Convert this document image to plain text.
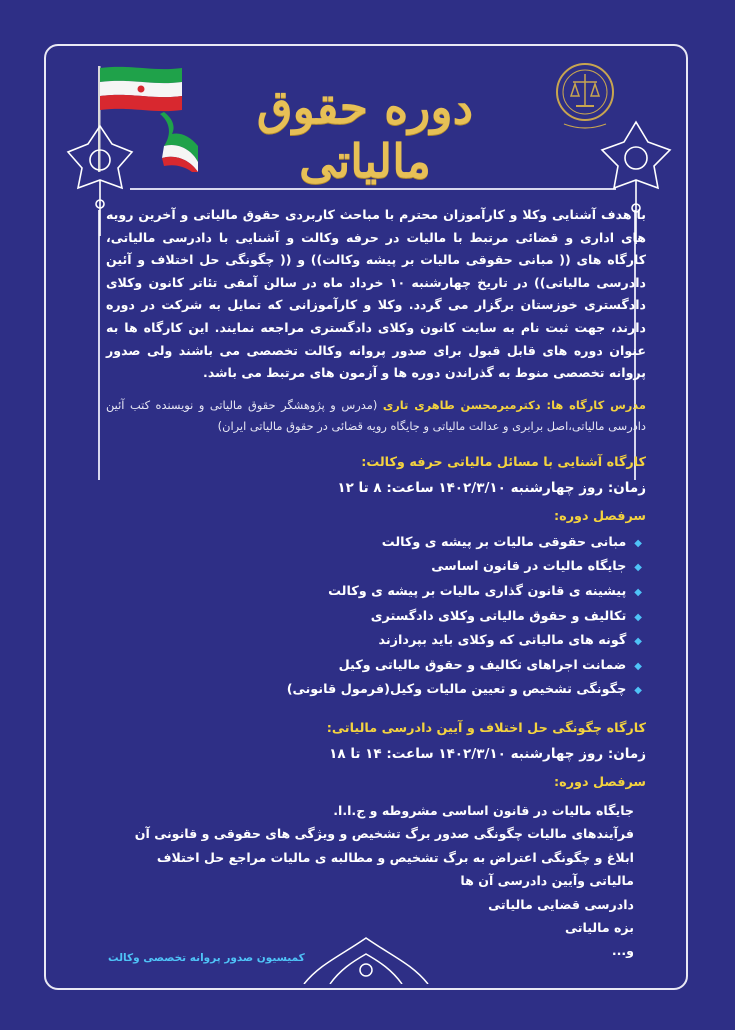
دوره حقوق مالیاتی

با هدف آشنایی وکلا و کارآموزان محترم با مباحث کاربردی حقوق مالیاتی و آخرین رویه های اداری و قضائی مرتبط با مالیات در حرفه وکالت و آشنایی با دادرسی مالیاتی، کارگاه های (( مبانی حقوقی مالیات بر پیشه وکالت)) و (( چگونگی حل اختلاف و آئین دادرسی مالیاتی)) در تاریخ چهارشنبه ۱۰ خرداد ماه در سالن آمفی تئاتر کانون وکلای دادگستری خوزستان برگزار می گردد. وکلا و کارآموزانی که تمایل به شرکت در دوره دارند، جهت ثبت نام به سایت کانون وکلای دادگستری مراجعه نمایند. این کارگاه ها به عنوان دوره های قابل قبول برای صدور پروانه وکالت تخصصی می باشند ولی صدور پروانه تخصصی منوط به گذراندن دوره ها و آزمون های مرتبط می باشد.

مدرس کارگاه ها: دکترمیرمحسن طاهری تاری (مدرس و پژوهشگر حقوق مالیاتی و نویسنده کتب آئین دادرسی مالیاتی،اصل برابری و عدالت مالیاتی و جایگاه رویه قضائی در حقوق مالیاتی ایران)

کارگاه آشنایی با مسائل مالیاتی حرفه وکالت:
زمان: روز چهارشنبه ۱۴۰۲/۳/۱۰ ساعت: ۸ تا ۱۲
سرفصل دوره:
◆مبانی حقوقی مالیات بر پیشه ی وکالت
◆جایگاه مالیات در قانون اساسی
◆پیشینه ی قانون گذاری مالیات بر پیشه ی وکالت
◆تکالیف و حقوق مالیاتی وکلای دادگستری
◆گونه های مالیاتی که وکلای باید بپردازند
◆ضمانت اجراهای تکالیف و حقوق مالیاتی وکیل
◆چگونگی تشخیص و تعیین مالیات وکیل(فرمول قانونی)
کارگاه چگونگی حل اختلاف و آیین دادرسی مالیاتی:
زمان: روز چهارشنبه ۱۴۰۲/۳/۱۰ ساعت: ۱۴ تا ۱۸
سرفصل دوره:
جایگاه مالیات در قانون اساسی مشروطه و ج.ا.ا.
فرآیندهای مالیات چگونگی صدور برگ تشخیص و ویژگی های حقوقی و قانونی آن
ابلاغ و چگونگی اعتراض به برگ تشخیص و مطالبه ی مالیات مراجع حل اختلاف
مالیاتی وآیین دادرسی آن ها
دادرسی قضایی مالیاتی
بزه مالیاتی
و...
کمیسیون صدور پروانه تخصصی وکالت
